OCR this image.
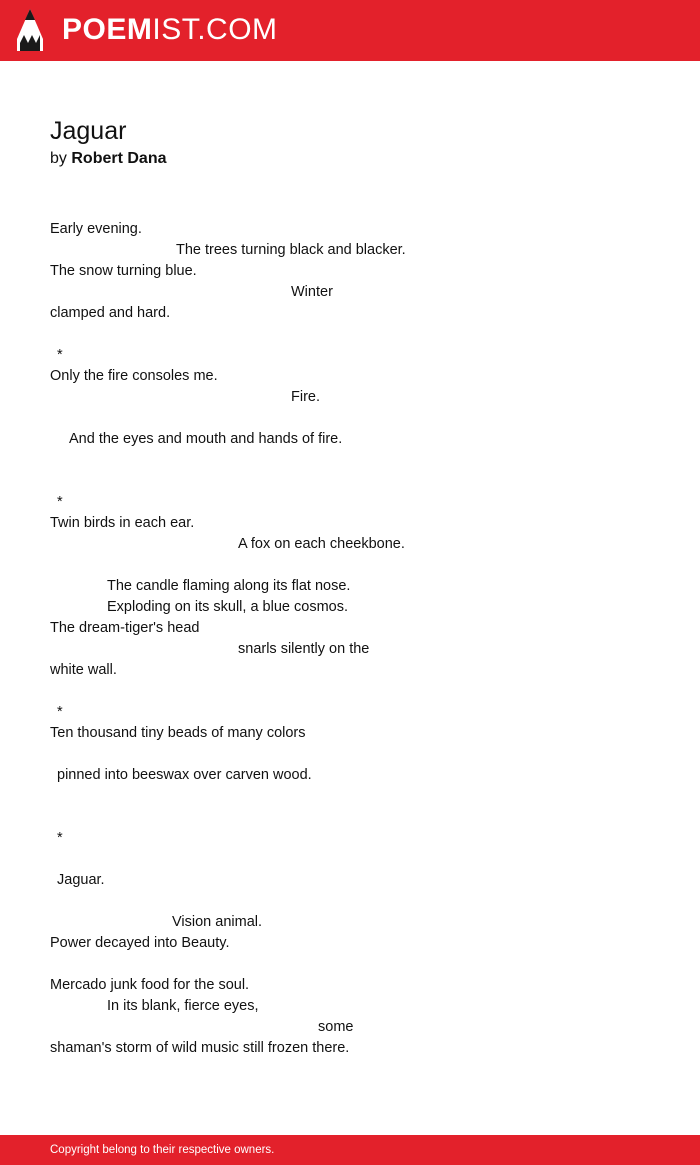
POEMIST.COM
Jaguar
by Robert Dana
Early evening.
The trees turning black and blacker.
The snow turning blue.
Winter
clamped and hard.
*
Only the fire consoles me.
Fire.
And the eyes and mouth and hands of fire.
*
Twin birds in each ear.
A fox on each cheekbone.
The candle flaming along its flat nose.
Exploding on its skull, a blue cosmos.
The dream-tiger's head
snarls silently on the
white wall.
*
Ten thousand tiny beads of many colors
pinned into beeswax over carven wood.
*
Jaguar.
Vision animal.
Power decayed into Beauty.
Mercado junk food for the soul.
In its blank, fierce eyes,
some
shaman's storm of wild music still frozen there.
Copyright belong to their respective owners.
